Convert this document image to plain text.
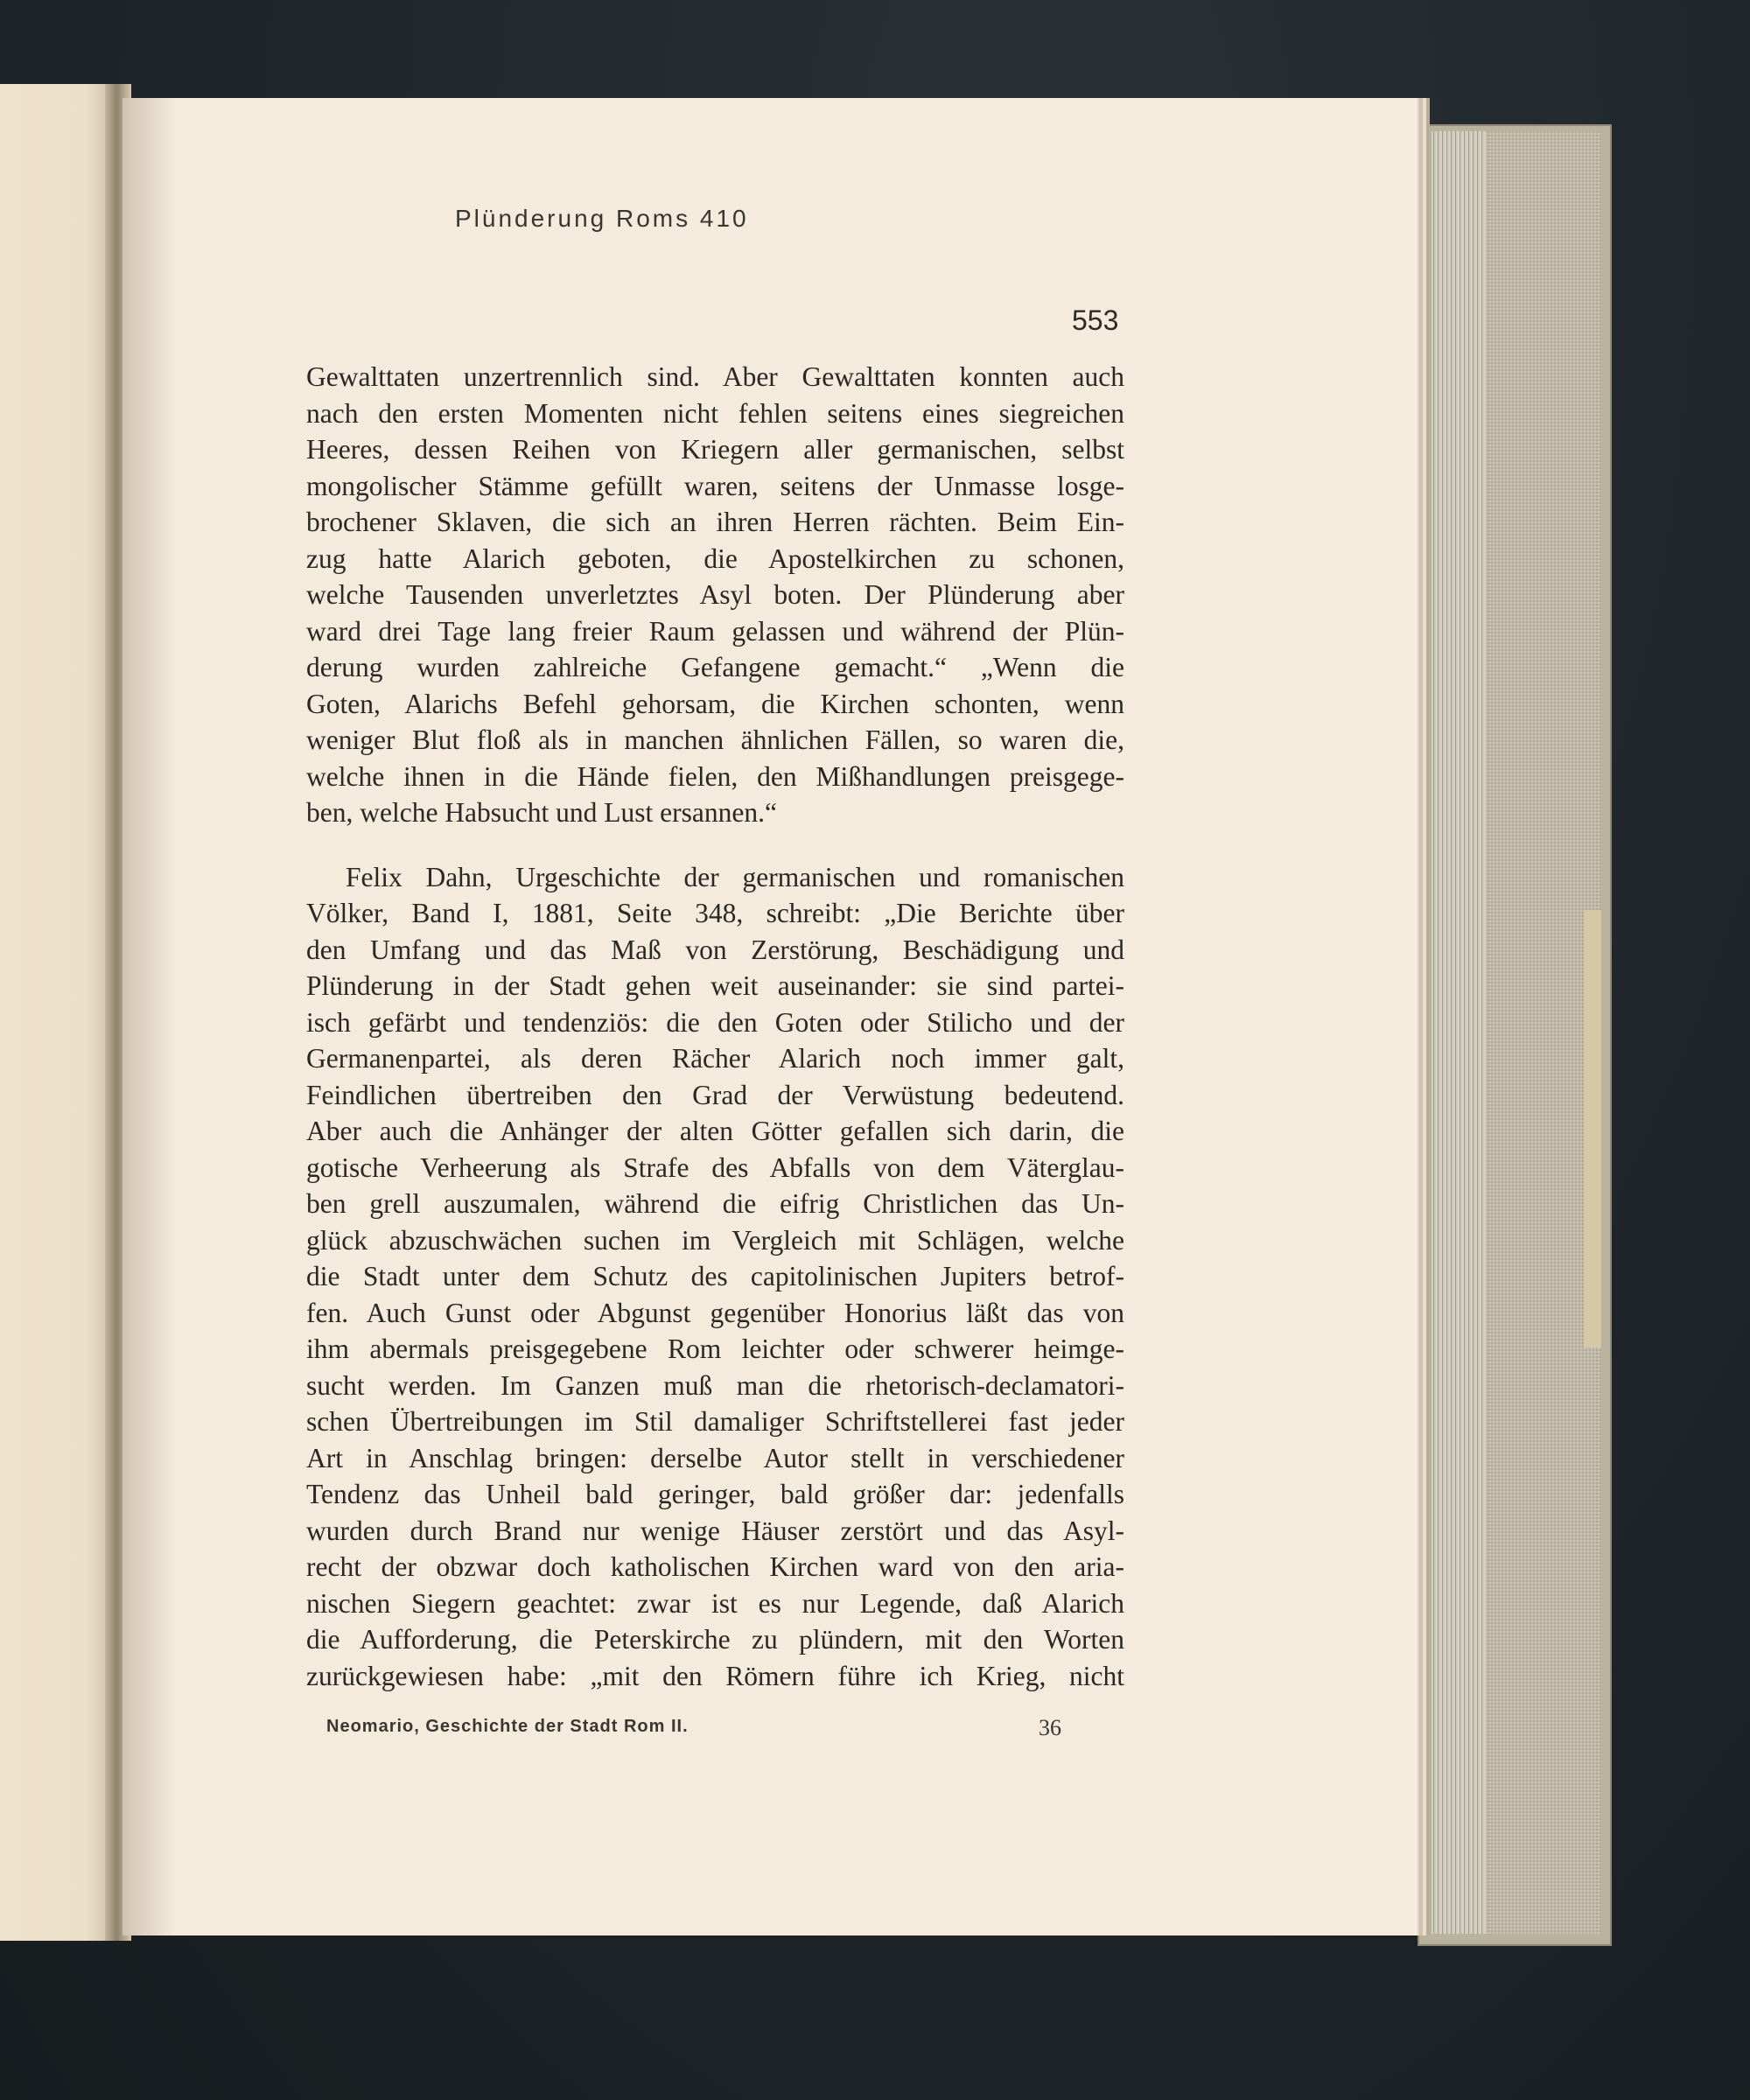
Plünderung Roms 410
553
Gewalttaten unzertrennlich sind. Aber Gewalttaten konnten auch
nach den ersten Momenten nicht fehlen seitens eines siegreichen
Heeres, dessen Reihen von Kriegern aller germanischen, selbst
mongolischer Stämme gefüllt waren, seitens der Unmasse losge-
brochener Sklaven, die sich an ihren Herren rächten. Beim Ein-
zug hatte Alarich geboten, die Apostelkirchen zu schonen,
welche Tausenden unverletztes Asyl boten. Der Plünderung aber
ward drei Tage lang freier Raum gelassen und während der Plün-
derung wurden zahlreiche Gefangene gemacht.“ „Wenn die
Goten, Alarichs Befehl gehorsam, die Kirchen schonten, wenn
weniger Blut floß als in manchen ähnlichen Fällen, so waren die,
welche ihnen in die Hände fielen, den Mißhandlungen preisgege-
ben, welche Habsucht und Lust ersannen.“
Felix Dahn, Urgeschichte der germanischen und romanischen
Völker, Band I, 1881, Seite 348, schreibt: „Die Berichte über
den Umfang und das Maß von Zerstörung, Beschädigung und
Plünderung in der Stadt gehen weit auseinander: sie sind partei-
isch gefärbt und tendenziös: die den Goten oder Stilicho und der
Germanenpartei, als deren Rächer Alarich noch immer galt,
Feindlichen übertreiben den Grad der Verwüstung bedeutend.
Aber auch die Anhänger der alten Götter gefallen sich darin, die
gotische Verheerung als Strafe des Abfalls von dem Väterglau-
ben grell auszumalen, während die eifrig Christlichen das Un-
glück abzuschwächen suchen im Vergleich mit Schlägen, welche
die Stadt unter dem Schutz des capitolinischen Jupiters betrof-
fen. Auch Gunst oder Abgunst gegenüber Honorius läßt das von
ihm abermals preisgegebene Rom leichter oder schwerer heimge-
sucht werden. Im Ganzen muß man die rhetorisch-declamatori-
schen Übertreibungen im Stil damaliger Schriftstellerei fast jeder
Art in Anschlag bringen: derselbe Autor stellt in verschiedener
Tendenz das Unheil bald geringer, bald größer dar: jedenfalls
wurden durch Brand nur wenige Häuser zerstört und das Asyl-
recht der obzwar doch katholischen Kirchen ward von den aria-
nischen Siegern geachtet: zwar ist es nur Legende, daß Alarich
die Aufforderung, die Peterskirche zu plündern, mit den Worten
zurückgewiesen habe: „mit den Römern führe ich Krieg, nicht
Neomario, Geschichte der Stadt Rom II.	36
